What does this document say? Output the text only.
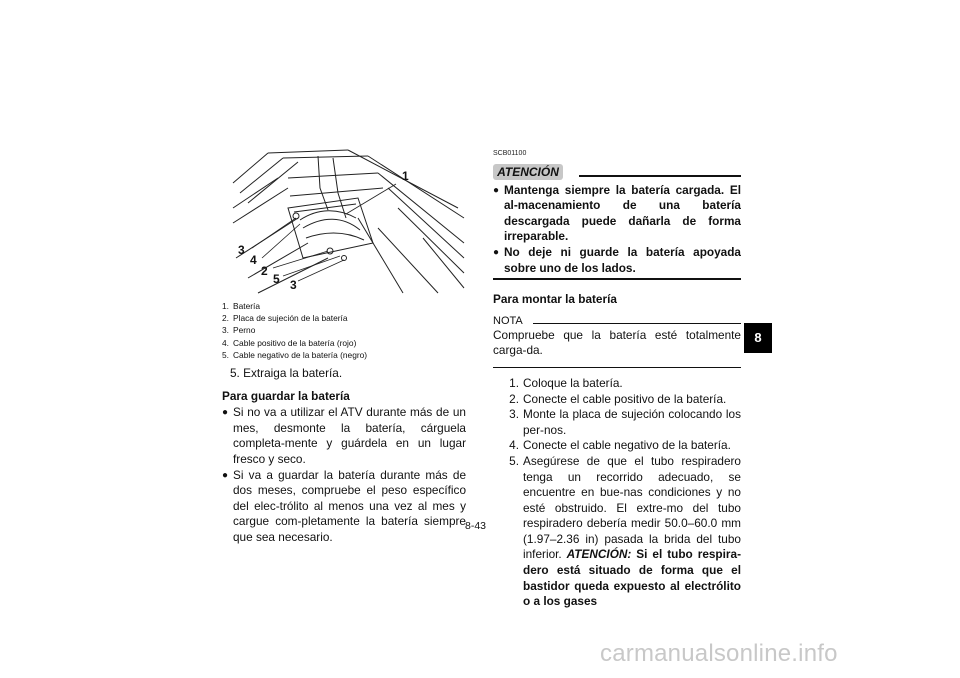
1
3
4
2
5 3
1. Batería
2. Placa de sujeción de la batería
3. Perno
4. Cable positivo de la batería (rojo)
5. Cable negativo de la batería (negro)
5. Extraiga la batería.
Para guardar la batería
● Si no va a utilizar el ATV durante más de un mes, desmonte la batería, cárguela completa-mente y guárdela en un lugar fresco y seco.
● Si va a guardar la batería durante más de dos meses, compruebe el peso específico del elec-trólito al menos una vez al mes y cargue com-pletamente la batería siempre que sea necesario.
SCB01100
ATENCIÓN
● Mantenga siempre la batería cargada. El al-macenamiento de una batería descargada puede dañarla de forma irreparable.
● No deje ni guarde la batería apoyada sobre uno de los lados.
Para montar la batería
NOTA
Compruebe que la batería esté totalmente carga-da.
1. Coloque la batería.
2. Conecte el cable positivo de la batería.
3. Monte la placa de sujeción colocando los per-nos.
4. Conecte el cable negativo de la batería.
5. Asegúrese de que el tubo respiradero tenga un recorrido adecuado, se encuentre en bue-nas condiciones y no esté obstruido. El extre-mo del tubo respiradero debería medir 50.0–60.0 mm (1.97–2.36 in) pasada la brida del tubo inferior. ATENCIÓN: Si el tubo respira-dero está situado de forma que el bastidor queda expuesto al electrólito o a los gases
8
8-43
carmanualsonline.info
